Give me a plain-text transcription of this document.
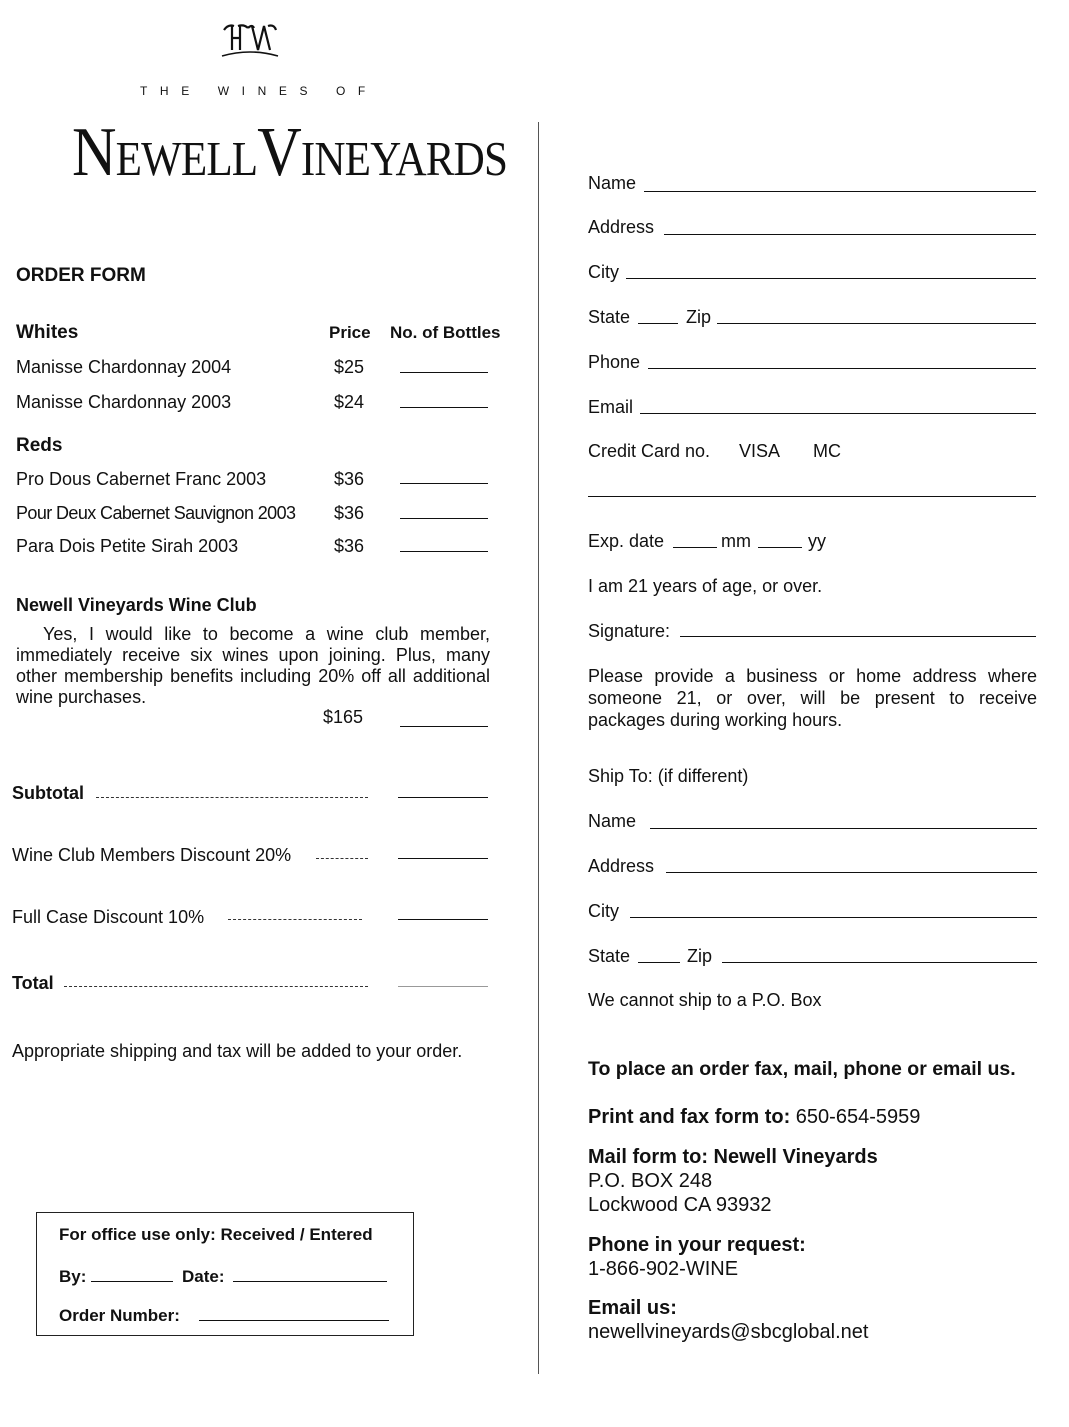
THE WINES OF
NewellVineyards
ORDER FORM
Whites	Price No. of Bottles
Manisse Chardonnay 2004	$25
Manisse Chardonnay 2003	$24
Reds
Pro Dous Cabernet Franc 2003	$36
Pour Deux Cabernet Sauvignon 2003 $36
Para Dois Petite Sirah 2003	$36
Newell Vineyards Wine Club
Yes, I would like to become a wine club member, immediately receive six wines upon joining. Plus, many other membership benefits including 20% off all additional wine purchases.
$165
Subtotal
Wine Club Members Discount 20%
Full Case Discount 10%
Total
Appropriate shipping and tax will be added to your order.
For office use only: Received / Entered
By:	Date:
Order Number:
Name
Address
City
State	Zip
Phone
Email
Credit Card no. VISA MC
Exp. date	mm	yy
I am 21 years of age, or over.
Signature:
Please provide a business or home address where someone 21, or over, will be present to receive packages during working hours.
Ship To: (if different)
Name
Address
City
State	Zip
We cannot ship to a P.O. Box
To place an order fax, mail, phone or email us.
Print and fax form to: 650-654-5959
Mail form to: Newell Vineyards
P.O. BOX 248
Lockwood CA 93932
Phone in your request:
1-866-902-WINE
Email us:
newellvineyards@sbcglobal.net
